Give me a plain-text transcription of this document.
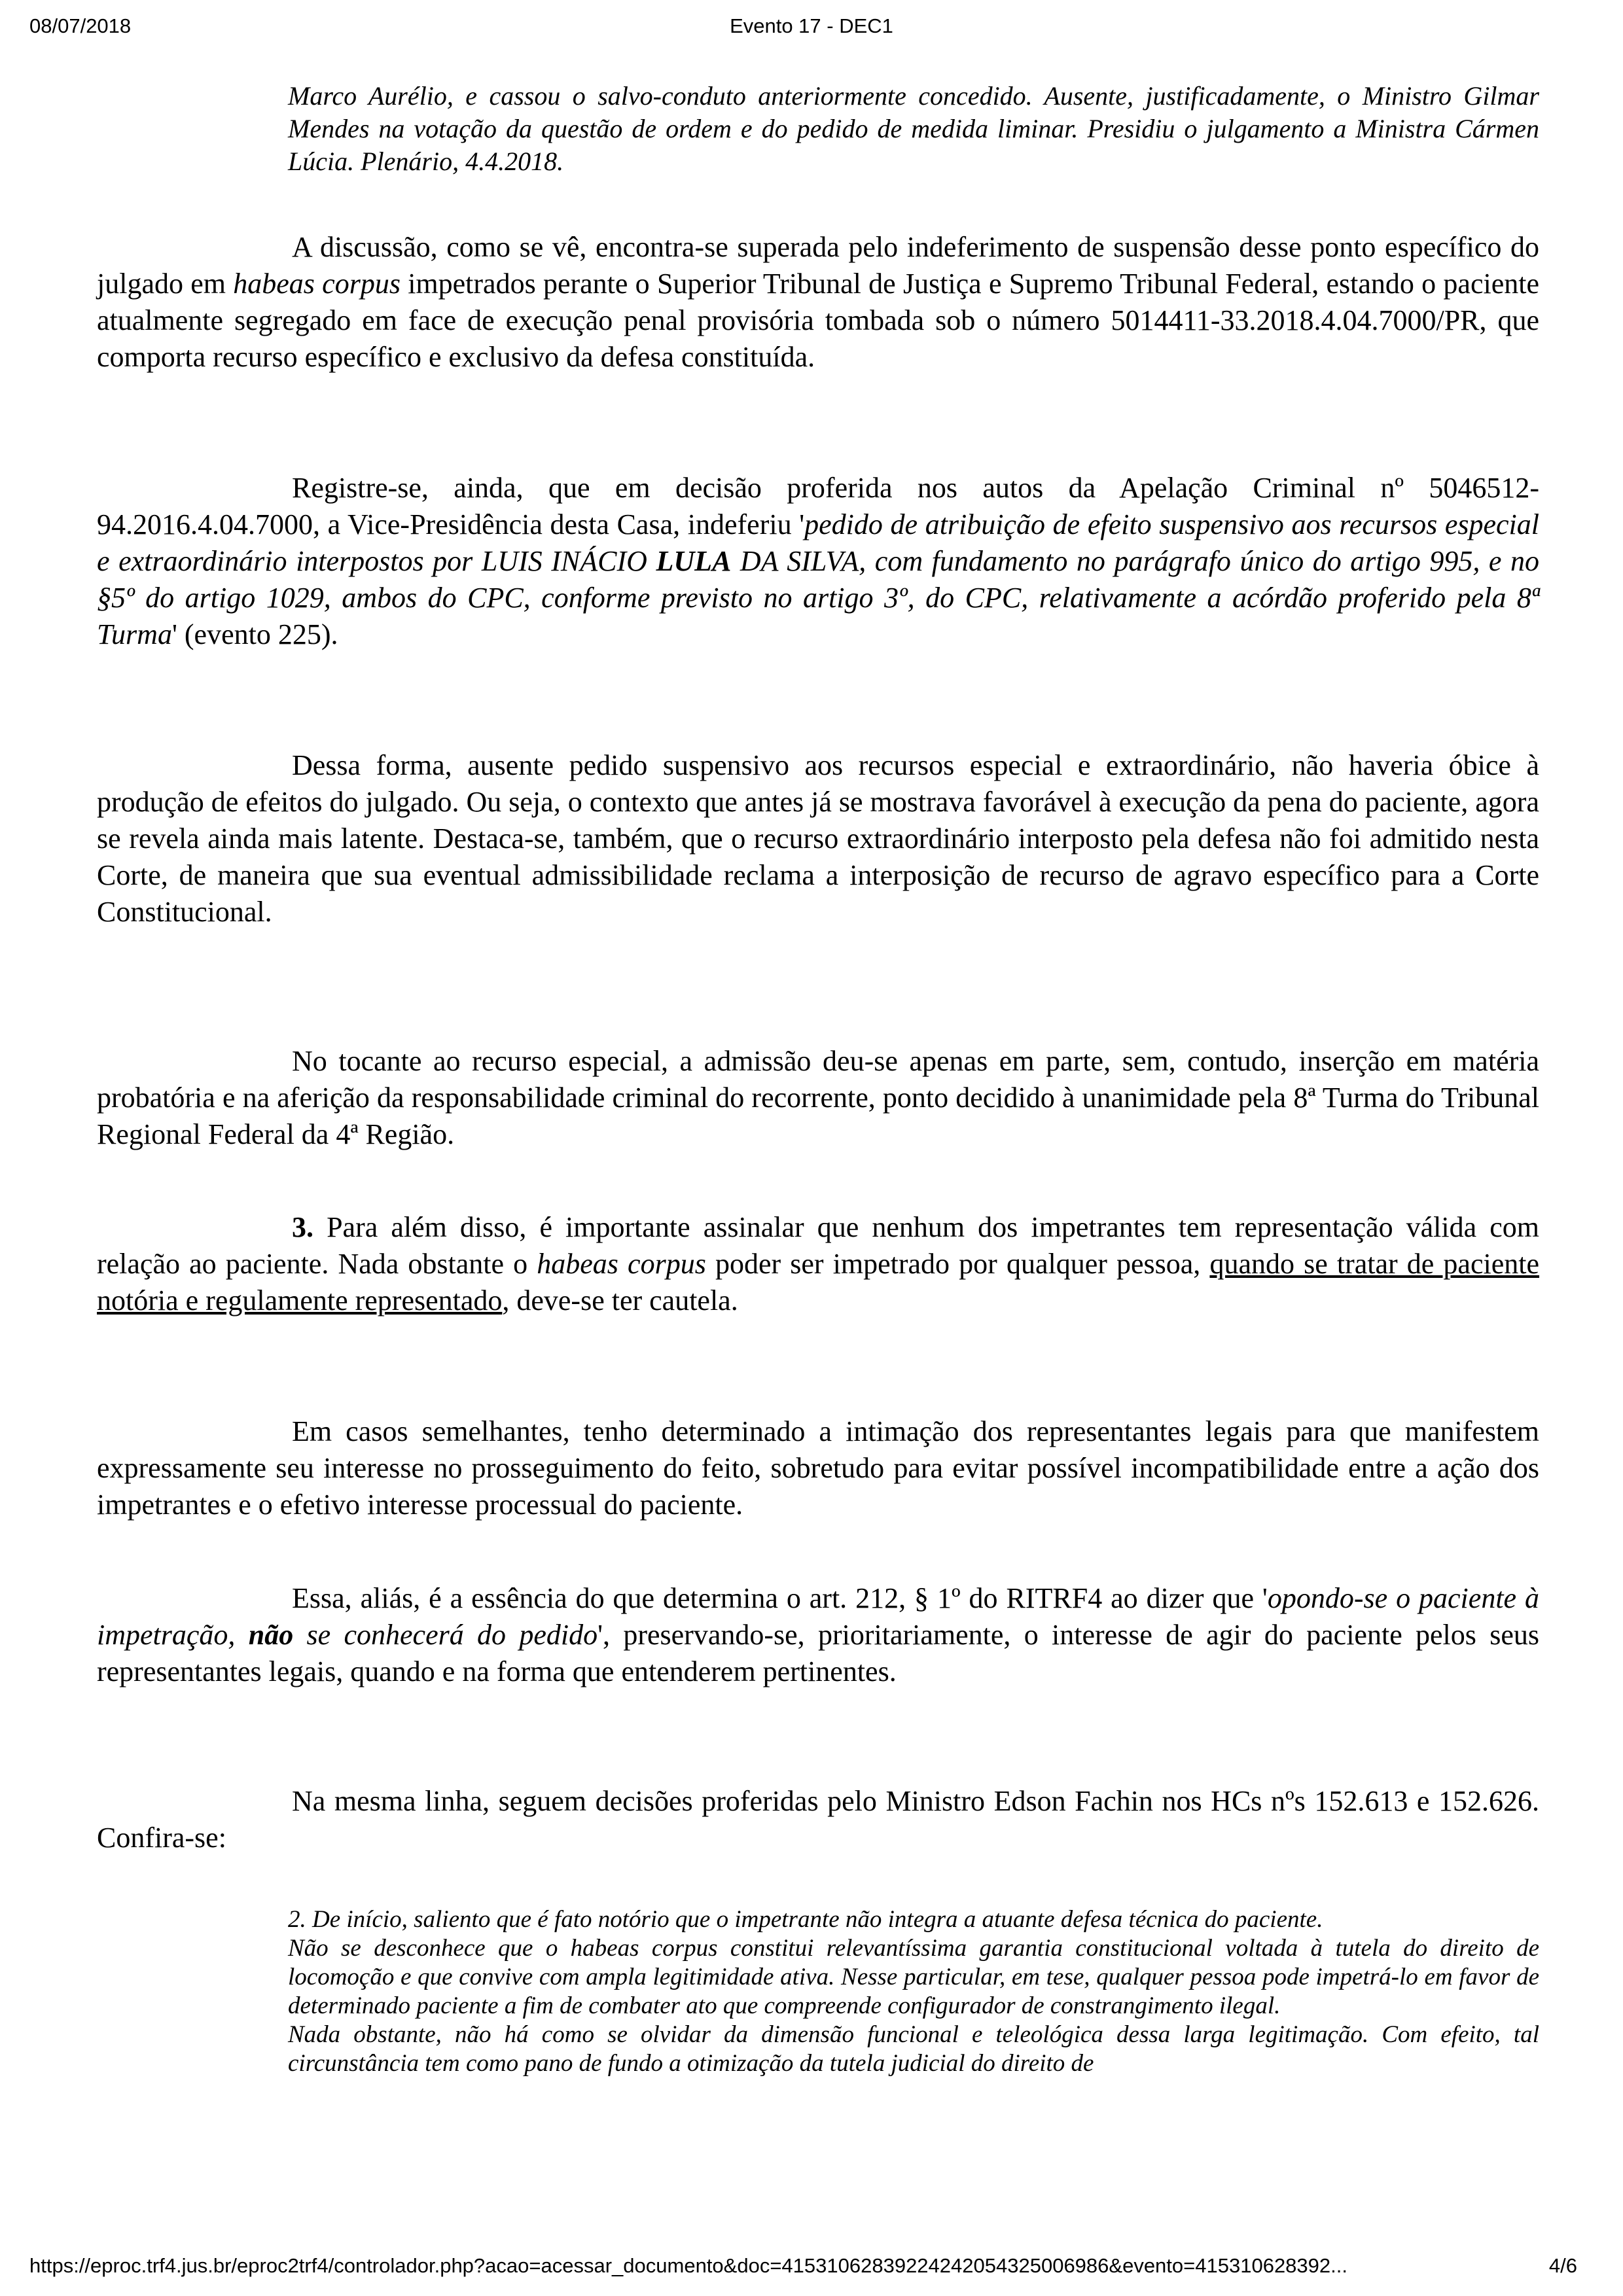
08/07/2018	Evento 17 - DEC1

Marco Aurélio, e cassou o salvo-conduto anteriormente concedido. Ausente, justificadamente, o Ministro Gilmar Mendes na votação da questão de ordem e do pedido de medida liminar. Presidiu o julgamento a Ministra Cármen Lúcia. Plenário, 4.4.2018.

A discussão, como se vê, encontra-se superada pelo indeferimento de suspensão desse ponto específico do julgado em habeas corpus impetrados perante o Superior Tribunal de Justiça e Supremo Tribunal Federal, estando o paciente atualmente segregado em face de execução penal provisória tombada sob o número 5014411-33.2018.4.04.7000/PR, que comporta recurso específico e exclusivo da defesa constituída.

Registre-se, ainda, que em decisão proferida nos autos da Apelação Criminal nº 5046512-94.2016.4.04.7000, a Vice-Presidência desta Casa, indeferiu 'pedido de atribuição de efeito suspensivo aos recursos especial e extraordinário interpostos por LUIS INÁCIO LULA DA SILVA, com fundamento no parágrafo único do artigo 995, e no §5º do artigo 1029, ambos do CPC, conforme previsto no artigo 3º, do CPC, relativamente a acórdão proferido pela 8ª Turma' (evento 225).

Dessa forma, ausente pedido suspensivo aos recursos especial e extraordinário, não haveria óbice à produção de efeitos do julgado. Ou seja, o contexto que antes já se mostrava favorável à execução da pena do paciente, agora se revela ainda mais latente. Destaca-se, também, que o recurso extraordinário interposto pela defesa não foi admitido nesta Corte, de maneira que sua eventual admissibilidade reclama a interposição de recurso de agravo específico para a Corte Constitucional.

No tocante ao recurso especial, a admissão deu-se apenas em parte, sem, contudo, inserção em matéria probatória e na aferição da responsabilidade criminal do recorrente, ponto decidido à unanimidade pela 8ª Turma do Tribunal Regional Federal da 4ª Região.

3. Para além disso, é importante assinalar que nenhum dos impetrantes tem representação válida com relação ao paciente. Nada obstante o habeas corpus poder ser impetrado por qualquer pessoa, quando se tratar de paciente notória e regulamente representado, deve-se ter cautela.

Em casos semelhantes, tenho determinado a intimação dos representantes legais para que manifestem expressamente seu interesse no prosseguimento do feito, sobretudo para evitar possível incompatibilidade entre a ação dos impetrantes e o efetivo interesse processual do paciente.

Essa, aliás, é a essência do que determina o art. 212, § 1º do RITRF4 ao dizer que 'opondo-se o paciente à impetração, não se conhecerá do pedido', preservando-se, prioritariamente, o interesse de agir do paciente pelos seus representantes legais, quando e na forma que entenderem pertinentes.

Na mesma linha, seguem decisões proferidas pelo Ministro Edson Fachin nos HCs nºs 152.613 e 152.626. Confira-se:

2. De início, saliento que é fato notório que o impetrante não integra a atuante defesa técnica do paciente.
Não se desconhece que o habeas corpus constitui relevantíssima garantia constitucional voltada à tutela do direito de locomoção e que convive com ampla legitimidade ativa. Nesse particular, em tese, qualquer pessoa pode impetrá-lo em favor de determinado paciente a fim de combater ato que compreende configurador de constrangimento ilegal.
Nada obstante, não há como se olvidar da dimensão funcional e teleológica dessa larga legitimação. Com efeito, tal circunstância tem como pano de fundo a otimização da tutela judicial do direito de
https://eproc.trf4.jus.br/eproc2trf4/controlador.php?acao=acessar_documento&doc=41531062839224242054325006986&evento=415310628392...	4/6
